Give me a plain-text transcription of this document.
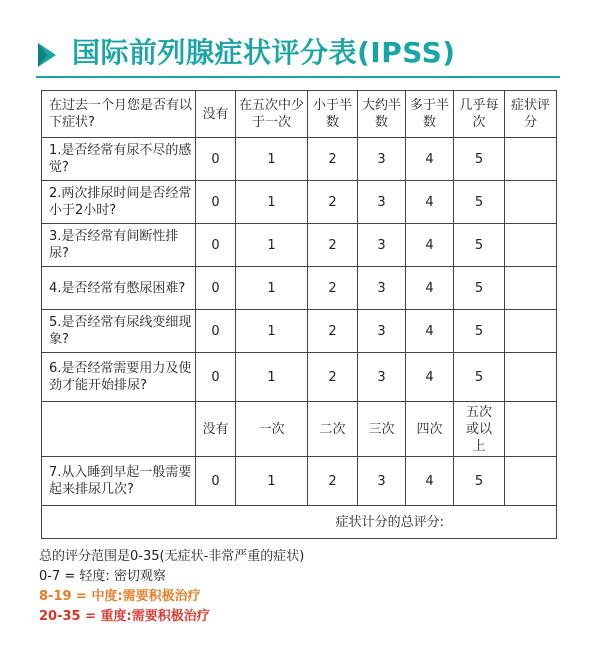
国际前列腺症状评分表(IPSS)
在过去一个月您是否有以下症状?	没有	在五次中少于一次	小于半数	大约半数	多于半数	几乎每次	症状评分
1.是否经常有尿不尽的感觉?	0	1	2	3	4	5	
2.两次排尿时间是否经常小于2小时?	0	1	2	3	4	5	
3.是否经常有间断性排尿?	0	1	2	3	4	5	
4.是否经常有憋尿困难?	0	1	2	3	4	5	
5.是否经常有尿线变细现象?	0	1	2	3	4	5	
6.是否经常需要用力及使劲才能开始排尿?	0	1	2	3	4	5	
	没有	一次	二次	三次	四次	五次或以上	
7.从入睡到早起一般需要起来排尿几次?	0	1	2	3	4	5	
症状计分的总评分:							
总的评分范围是0-35(无症状-非常严重的症状)
0-7 = 轻度: 密切观察
8-19 = 中度:需要积极治疗
20-35 = 重度:需要积极治疗
